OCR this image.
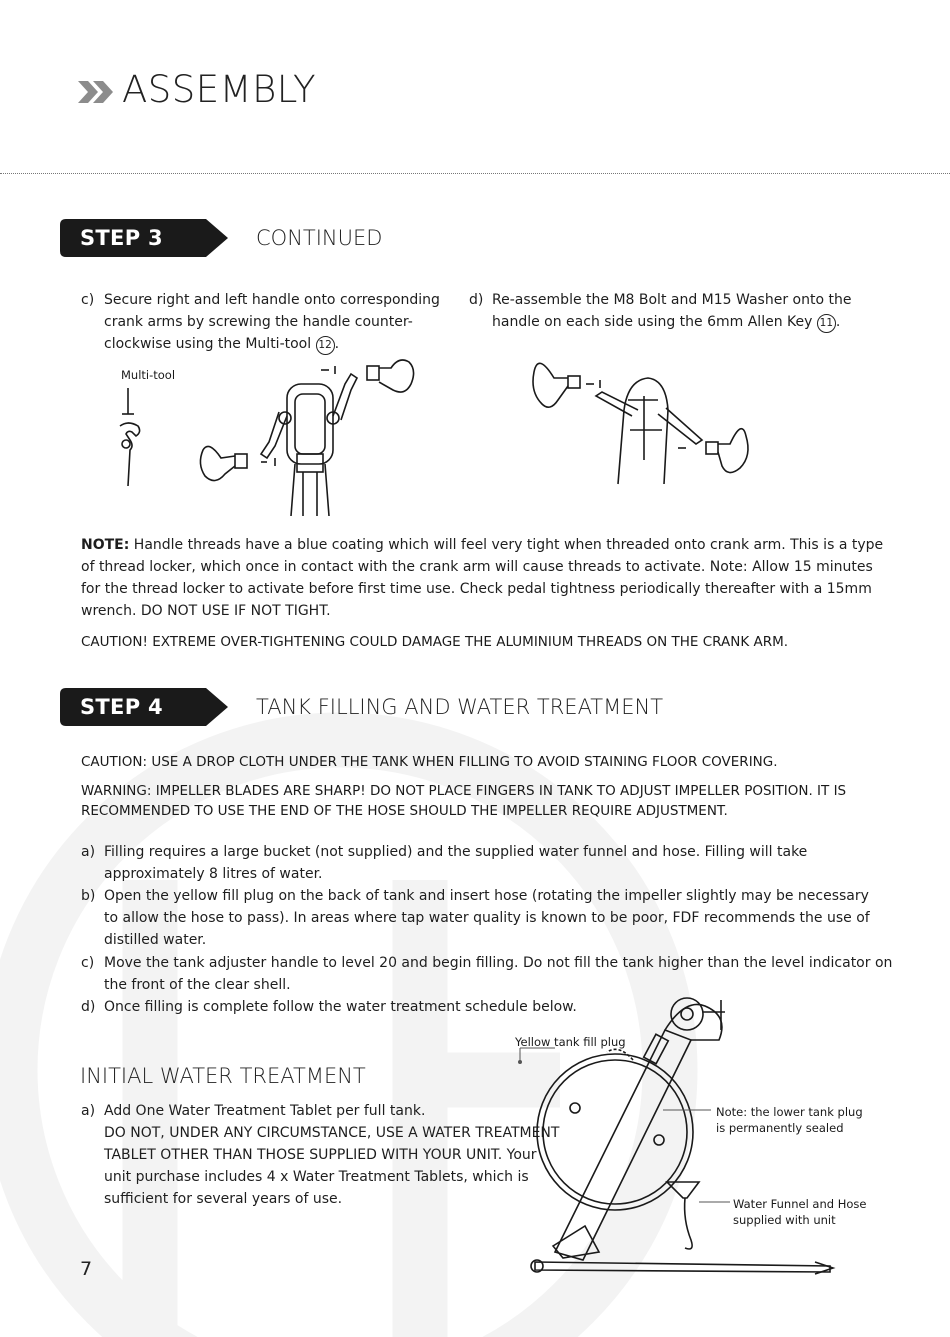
ASSEMBLY
STEP 3	CONTINUED
c) Secure right and left handle onto corresponding
crank arms by screwing the handle counter-
clockwise using the Multi-tool 12 .
d) Re-assemble the M8 Bolt and M15 Washer onto the
handle on each side using the 6mm Allen Key 11 .
Multi-tool
NOTE: Handle threads have a blue coating which will feel very tight when threaded onto crank arm. This is a type
of thread locker, which once in contact with the crank arm will cause threads to activate. Note: Allow 15 minutes
for the thread locker to activate before first time use. Check pedal tightness periodically thereafter with a 15mm
wrench. DO NOT USE IF NOT TIGHT.
CAUTION! EXTREME OVER-TIGHTENING COULD DAMAGE THE ALUMINIUM THREADS ON THE CRANK ARM.
STEP 4	TANK FILLING AND WATER TREATMENT
CAUTION: USE A DROP CLOTH UNDER THE TANK WHEN FILLING TO AVOID STAINING FLOOR COVERING.
WARNING: IMPELLER BLADES ARE SHARP! DO NOT PLACE FINGERS IN TANK TO ADJUST IMPELLER POSITION. IT IS
RECOMMENDED TO USE THE END OF THE HOSE SHOULD THE IMPELLER REQUIRE ADJUSTMENT.
a) Filling requires a large bucket (not supplied) and the supplied water funnel and hose. Filling will take
approximately 8 litres of water.
b) Open the yellow fill plug on the back of tank and insert hose (rotating the impeller slightly may be necessary
to allow the hose to pass). In areas where tap water quality is known to be poor, FDF recommends the use of
distilled water.
c) Move the tank adjuster handle to level 20 and begin filling. Do not fill the tank higher than the level indicator on
the front of the clear shell.
d) Once filling is complete follow the water treatment schedule below.
Yellow tank fill plug
Note: the lower tank plug
is permanently sealed
Water Funnel and Hose
supplied with unit
INITIAL WATER TREATMENT
a) Add One Water Treatment Tablet per full tank.
DO NOT, UNDER ANY CIRCUMSTANCE, USE A WATER TREATMENT
TABLET OTHER THAN THOSE SUPPLIED WITH YOUR UNIT. Your
unit purchase includes 4 x Water Treatment Tablets, which is
sufficient for several years of use.
7
